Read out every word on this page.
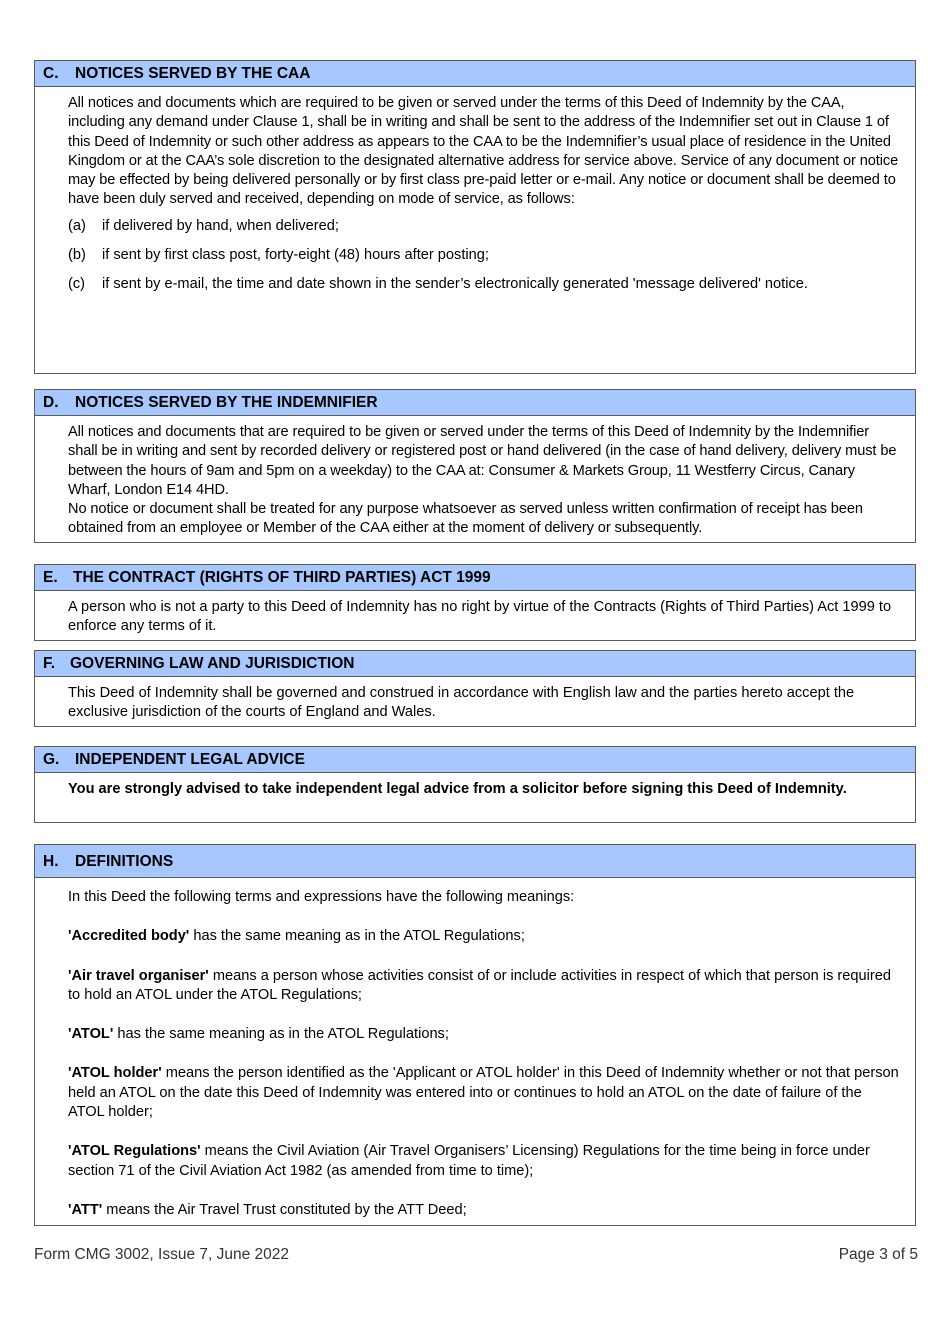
C. NOTICES SERVED BY THE CAA

All notices and documents which are required to be given or served under the terms of this Deed of Indemnity by the CAA, including any demand under Clause 1, shall be in writing and shall be sent to the address of the Indemnifier set out in Clause 1 of this Deed of Indemnity or such other address as appears to the CAA to be the Indemnifier’s usual place of residence in the United Kingdom or at the CAA’s sole discretion to the designated alternative address for service above. Service of any document or notice may be effected by being delivered personally or by first class pre-paid letter or e-mail. Any notice or document shall be deemed to have been duly served and received, depending on mode of service, as follows:

(a)	if delivered by hand, when delivered;
(b)	if sent by first class post, forty-eight (48) hours after posting;
(c)	if sent by e-mail, the time and date shown in the sender’s electronically generated 'message delivered' notice.
D. NOTICES SERVED BY THE INDEMNIFIER

All notices and documents that are required to be given or served under the terms of this Deed of Indemnity by the Indemnifier shall be in writing and sent by recorded delivery or registered post or hand delivered (in the case of hand delivery, delivery must be between the hours of 9am and 5pm on a weekday) to the CAA at: Consumer & Markets Group, 11 Westferry Circus, Canary Wharf, London E14 4HD.

No notice or document shall be treated for any purpose whatsoever as served unless written confirmation of receipt has been obtained from an employee or Member of the CAA either at the moment of delivery or subsequently.

E. THE CONTRACT (RIGHTS OF THIRD PARTIES) ACT 1999

A person who is not a party to this Deed of Indemnity has no right by virtue of the Contracts (Rights of Third Parties) Act 1999 to enforce any terms of it.

F. GOVERNING LAW AND JURISDICTION

This Deed of Indemnity shall be governed and construed in accordance with English law and the parties hereto accept the exclusive jurisdiction of the courts of England and Wales.

G. INDEPENDENT LEGAL ADVICE

You are strongly advised to take independent legal advice from a solicitor before signing this Deed of Indemnity.

H. DEFINITIONS

In this Deed the following terms and expressions have the following meanings:

'Accredited body' has the same meaning as in the ATOL Regulations;

'Air travel organiser' means a person whose activities consist of or include activities in respect of which that person is required to hold an ATOL under the ATOL Regulations;

'ATOL' has the same meaning as in the ATOL Regulations;

'ATOL holder' means the person identified as the 'Applicant or ATOL holder' in this Deed of Indemnity whether or not that person held an ATOL on the date this Deed of Indemnity was entered into or continues to hold an ATOL on the date of failure of the ATOL holder;

'ATOL Regulations' means the Civil Aviation (Air Travel Organisers’ Licensing) Regulations for the time being in force under section 71 of the Civil Aviation Act 1982 (as amended from time to time);

'ATT' means the Air Travel Trust constituted by the ATT Deed;

Form CMG 3002, Issue 7, June 2022	Page 3 of 5
